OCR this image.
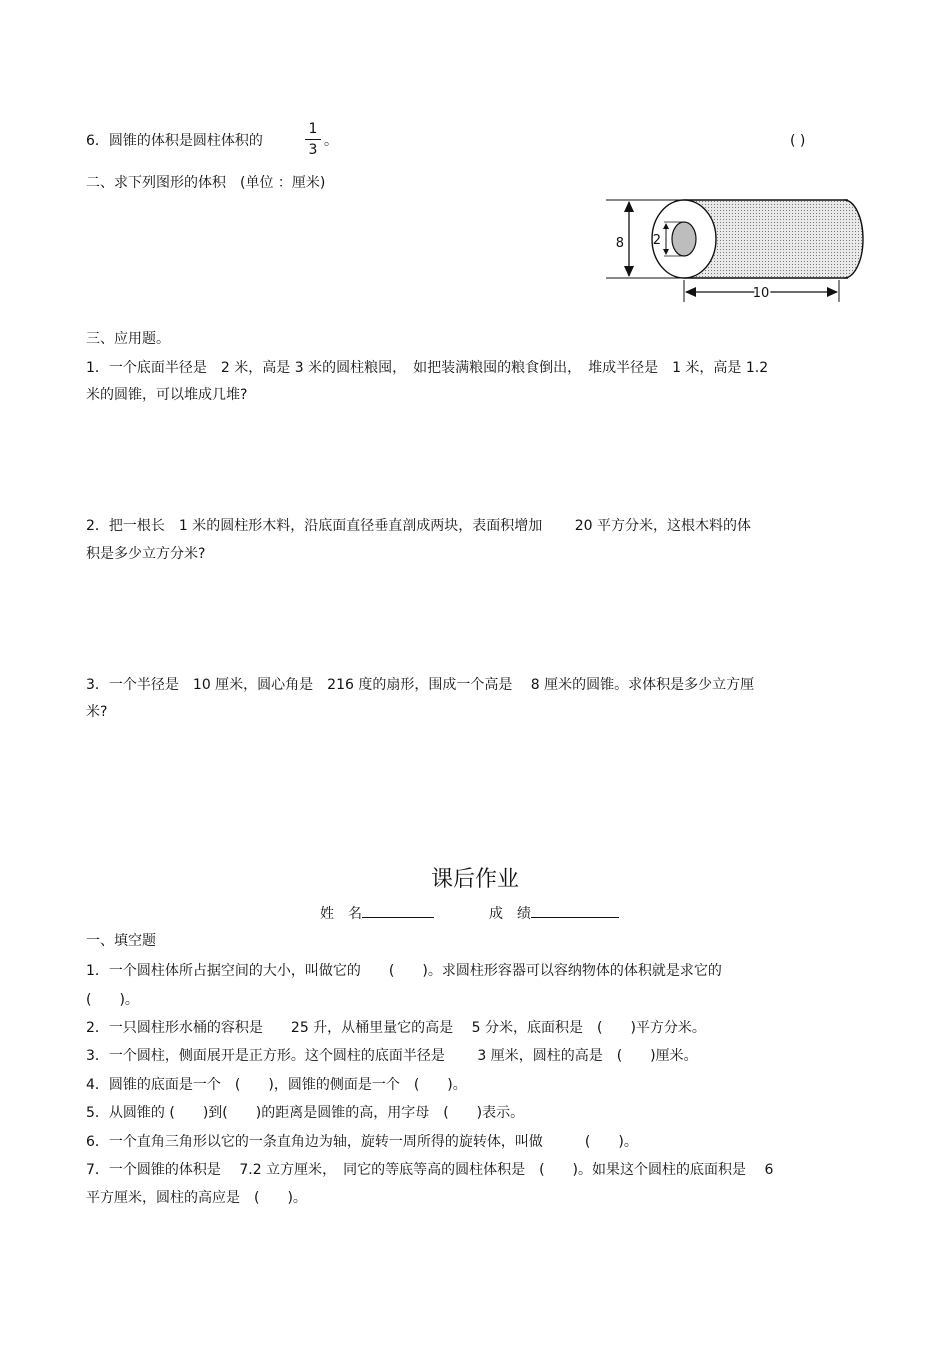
6．圆锥的体积是圆柱体积的
1
3
。	( )
二、求下列图形的体积　(单位 ：厘米)
8 2
10
三、应用题。
1．一个底面半径是　2 米，高是 3 米的圆柱粮囤，　如把装满粮囤的粮食倒出，　堆成半径是　1 米，高是 1.2
米的圆锥，可以堆成几堆?
2．把一根长　1 米的圆柱形木料，沿底面直径垂直剖成两块，表面积增加　　 20 平方分米，这根木料的体
积是多少立方分米?
3．一个半径是　10 厘米，圆心角是　216 度的扇形，围成一个高是　 8 厘米的圆锥。求体积是多少立方厘
米?
课后作业
姓　名	成　绩
一、填空题
1．一个圆柱体所占据空间的大小，叫做它的　　(　　)。求圆柱形容器可以容纳物体的体积就是求它的
(　　)。
2．一只圆柱形水桶的容积是　　25 升，从桶里量它的高是　 5 分米，底面积是　(　　)平方分米。
3．一个圆柱，侧面展开是正方形。这个圆柱的底面半径是　　 3 厘米，圆柱的高是　(　　)厘米。
4．圆锥的底面是一个　(　　)，圆锥的侧面是一个　(　　)。
5．从圆锥的 (　　)到(　　)的距离是圆锥的高，用字母　(　　)表示。
6．一个直角三角形以它的一条直角边为轴，旋转一周所得的旋转体，叫做　　　(　　)。
7．一个圆锥的体积是　 7.2 立方厘米，　同它的等底等高的圆柱体积是　(　　)。如果这个圆柱的底面积是　 6
平方厘米，圆柱的高应是　(　　)。
